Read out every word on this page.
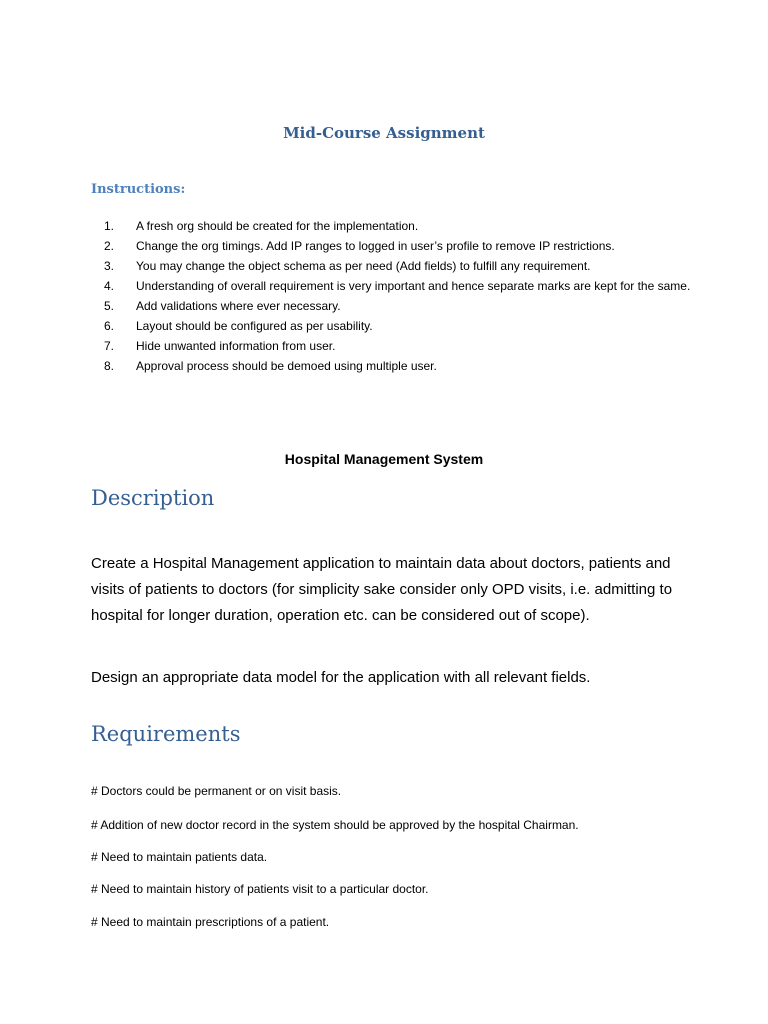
Mid-Course Assignment
Instructions:
1.	A fresh org should be created for the implementation.
2.	Change the org timings. Add IP ranges to logged in user’s profile to remove IP restrictions.
3.	You may change the object schema as per need (Add fields) to fulfill any requirement.
4.	Understanding of overall requirement is very important and hence separate marks are kept for the same.
5.	Add validations where ever necessary.
6.	Layout should be configured as per usability.
7.	Hide unwanted information from user.
8.	Approval process should be demoed using multiple user.
Hospital Management System
Description

Create a Hospital Management application to maintain data about doctors, patients and visits of patients to doctors (for simplicity sake consider only OPD visits, i.e. admitting to hospital for longer duration, operation etc. can be considered out of scope).

Design an appropriate data model for the application with all relevant fields.

Requirements

# Doctors could be permanent or on visit basis.

# Addition of new doctor record in the system should be approved by the hospital Chairman.

# Need to maintain patients data.

# Need to maintain history of patients visit to a particular doctor.

# Need to maintain prescriptions of a patient.
